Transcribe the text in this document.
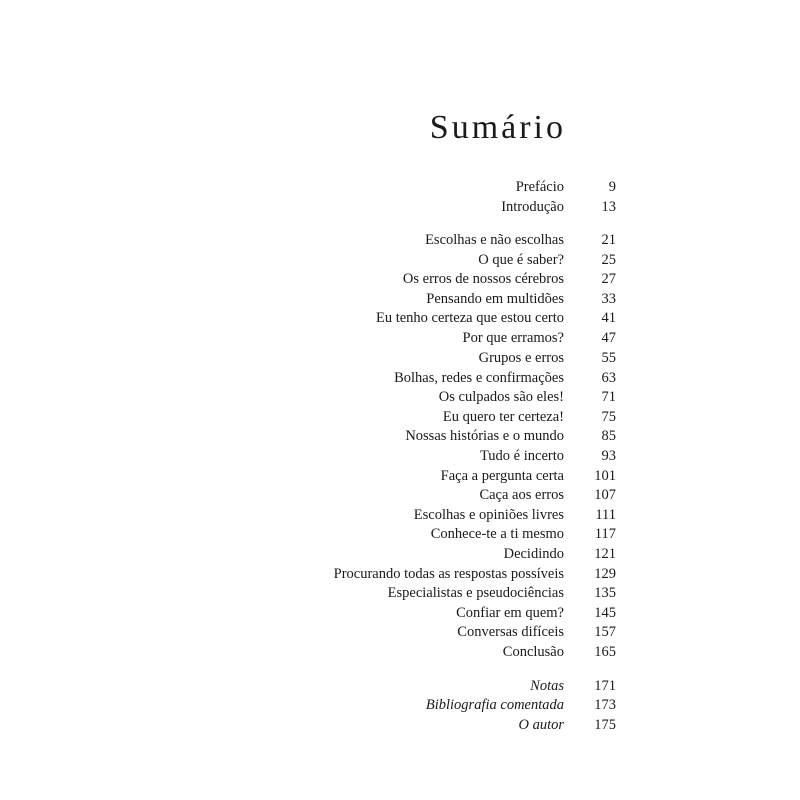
Sumário
Prefácio	9
Introdução	13
Escolhas e não escolhas	21
O que é saber?	25
Os erros de nossos cérebros	27
Pensando em multidões	33
Eu tenho certeza que estou certo	41
Por que erramos?	47
Grupos e erros	55
Bolhas, redes e confirmações	63
Os culpados são eles!	71
Eu quero ter certeza!	75
Nossas histórias e o mundo	85
Tudo é incerto	93
Faça a pergunta certa	101
Caça aos erros	107
Escolhas e opiniões livres	111
Conhece-te a ti mesmo	117
Decidindo	121
Procurando todas as respostas possíveis	129
Especialistas e pseudociências	135
Confiar em quem?	145
Conversas difíceis	157
Conclusão	165
Notas	171
Bibliografia comentada	173
O autor	175
